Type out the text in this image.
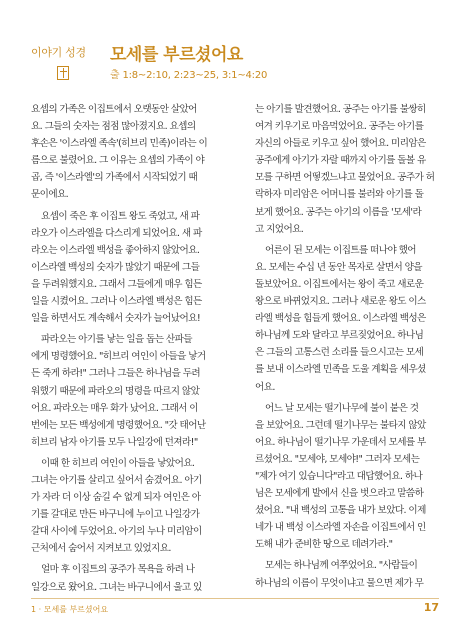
이야기 성경 모세를 부르셨어요
출 1:8~2:10, 2:23~25, 3:1~4:20
요셉의 가족은 이집트에서 오랫동안 살았어
요. 그들의 숫자는 점점 많아졌지요. 요셉의
후손은 '이스라엘 족속'(히브리 민족)이라는 이
름으로 불렸어요. 그 이유는 요셉의 가족이 야
곱, 즉 '이스라엘'의 가족에서 시작되었기 때
문이에요.
요셉이 죽은 후 이집트 왕도 죽었고, 새 파
라오가 이스라엘을 다스리게 되었어요. 새 파
라오는 이스라엘 백성을 좋아하지 않았어요.
이스라엘 백성의 숫자가 많았기 때문에 그들
을 두려워했지요. 그래서 그들에게 매우 힘든
일을 시켰어요. 그러나 이스라엘 백성은 힘든
일을 하면서도 계속해서 숫자가 늘어났어요!
파라오는 아기를 낳는 일을 돕는 산파들
에게 명령했어요. "히브리 여인이 아들을 낳거
든 죽게 하라!" 그러나 그들은 하나님을 두려
워했기 때문에 파라오의 명령을 따르지 않았
어요. 파라오는 매우 화가 났어요. 그래서 이
번에는 모든 백성에게 명령했어요. "갓 태어난
히브리 남자 아기를 모두 나일강에 던져라!"
이때 한 히브리 여인이 아들을 낳았어요.
그녀는 아기를 살리고 싶어서 숨겼어요. 아기
가 자라 더 이상 숨길 수 없게 되자 여인은 아
기를 갈대로 만든 바구니에 누이고 나일강가
갈대 사이에 두었어요. 아기의 누나 미리암이
근처에서 숨어서 지켜보고 있었지요.
얼마 후 이집트의 공주가 목욕을 하려 나
일강으로 왔어요. 그녀는 바구니에서 울고 있
는 아기를 발견했어요. 공주는 아기를 불쌍히
여겨 키우기로 마음먹었어요. 공주는 아기를
자신의 아들로 키우고 싶어 했어요. 미리암은
공주에게 아기가 자랄 때까지 아기를 돌볼 유
모를 구하면 어떻겠느냐고 물었어요. 공주가 허
락하자 미리암은 어머니를 불러와 아기를 돌
보게 했어요. 공주는 아기의 이름을 '모세'라
고 지었어요.
어른이 된 모세는 이집트를 떠나야 했어
요. 모세는 수십 년 동안 목자로 살면서 양을
돌보았어요. 이집트에서는 왕이 죽고 새로운
왕으로 바뀌었지요. 그러나 새로운 왕도 이스
라엘 백성을 힘들게 했어요. 이스라엘 백성은
하나님께 도와 달라고 부르짖었어요. 하나님
은 그들의 고통스런 소리를 들으시고는 모세
를 보내 이스라엘 민족을 도울 계획을 세우셨
어요.
어느 날 모세는 떨기나무에 불이 붙은 것
을 보았어요. 그런데 떨기나무는 불타지 않았
어요. 하나님이 떨기나무 가운데서 모세를 부
르셨어요. "모세야, 모세야!" 그러자 모세는
"제가 여기 있습니다"라고 대답했어요. 하나
님은 모세에게 발에서 신을 벗으라고 말씀하
셨어요. "내 백성의 고통을 내가 보았다. 이제
네가 내 백성 이스라엘 자손을 이집트에서 인
도해 내가 준비한 땅으로 데려가라."
모세는 하나님께 여쭈었어요. "사람들이
하나님의 이름이 무엇이냐고 물으면 제가 무
1 · 모세를 부르셨어요	17
